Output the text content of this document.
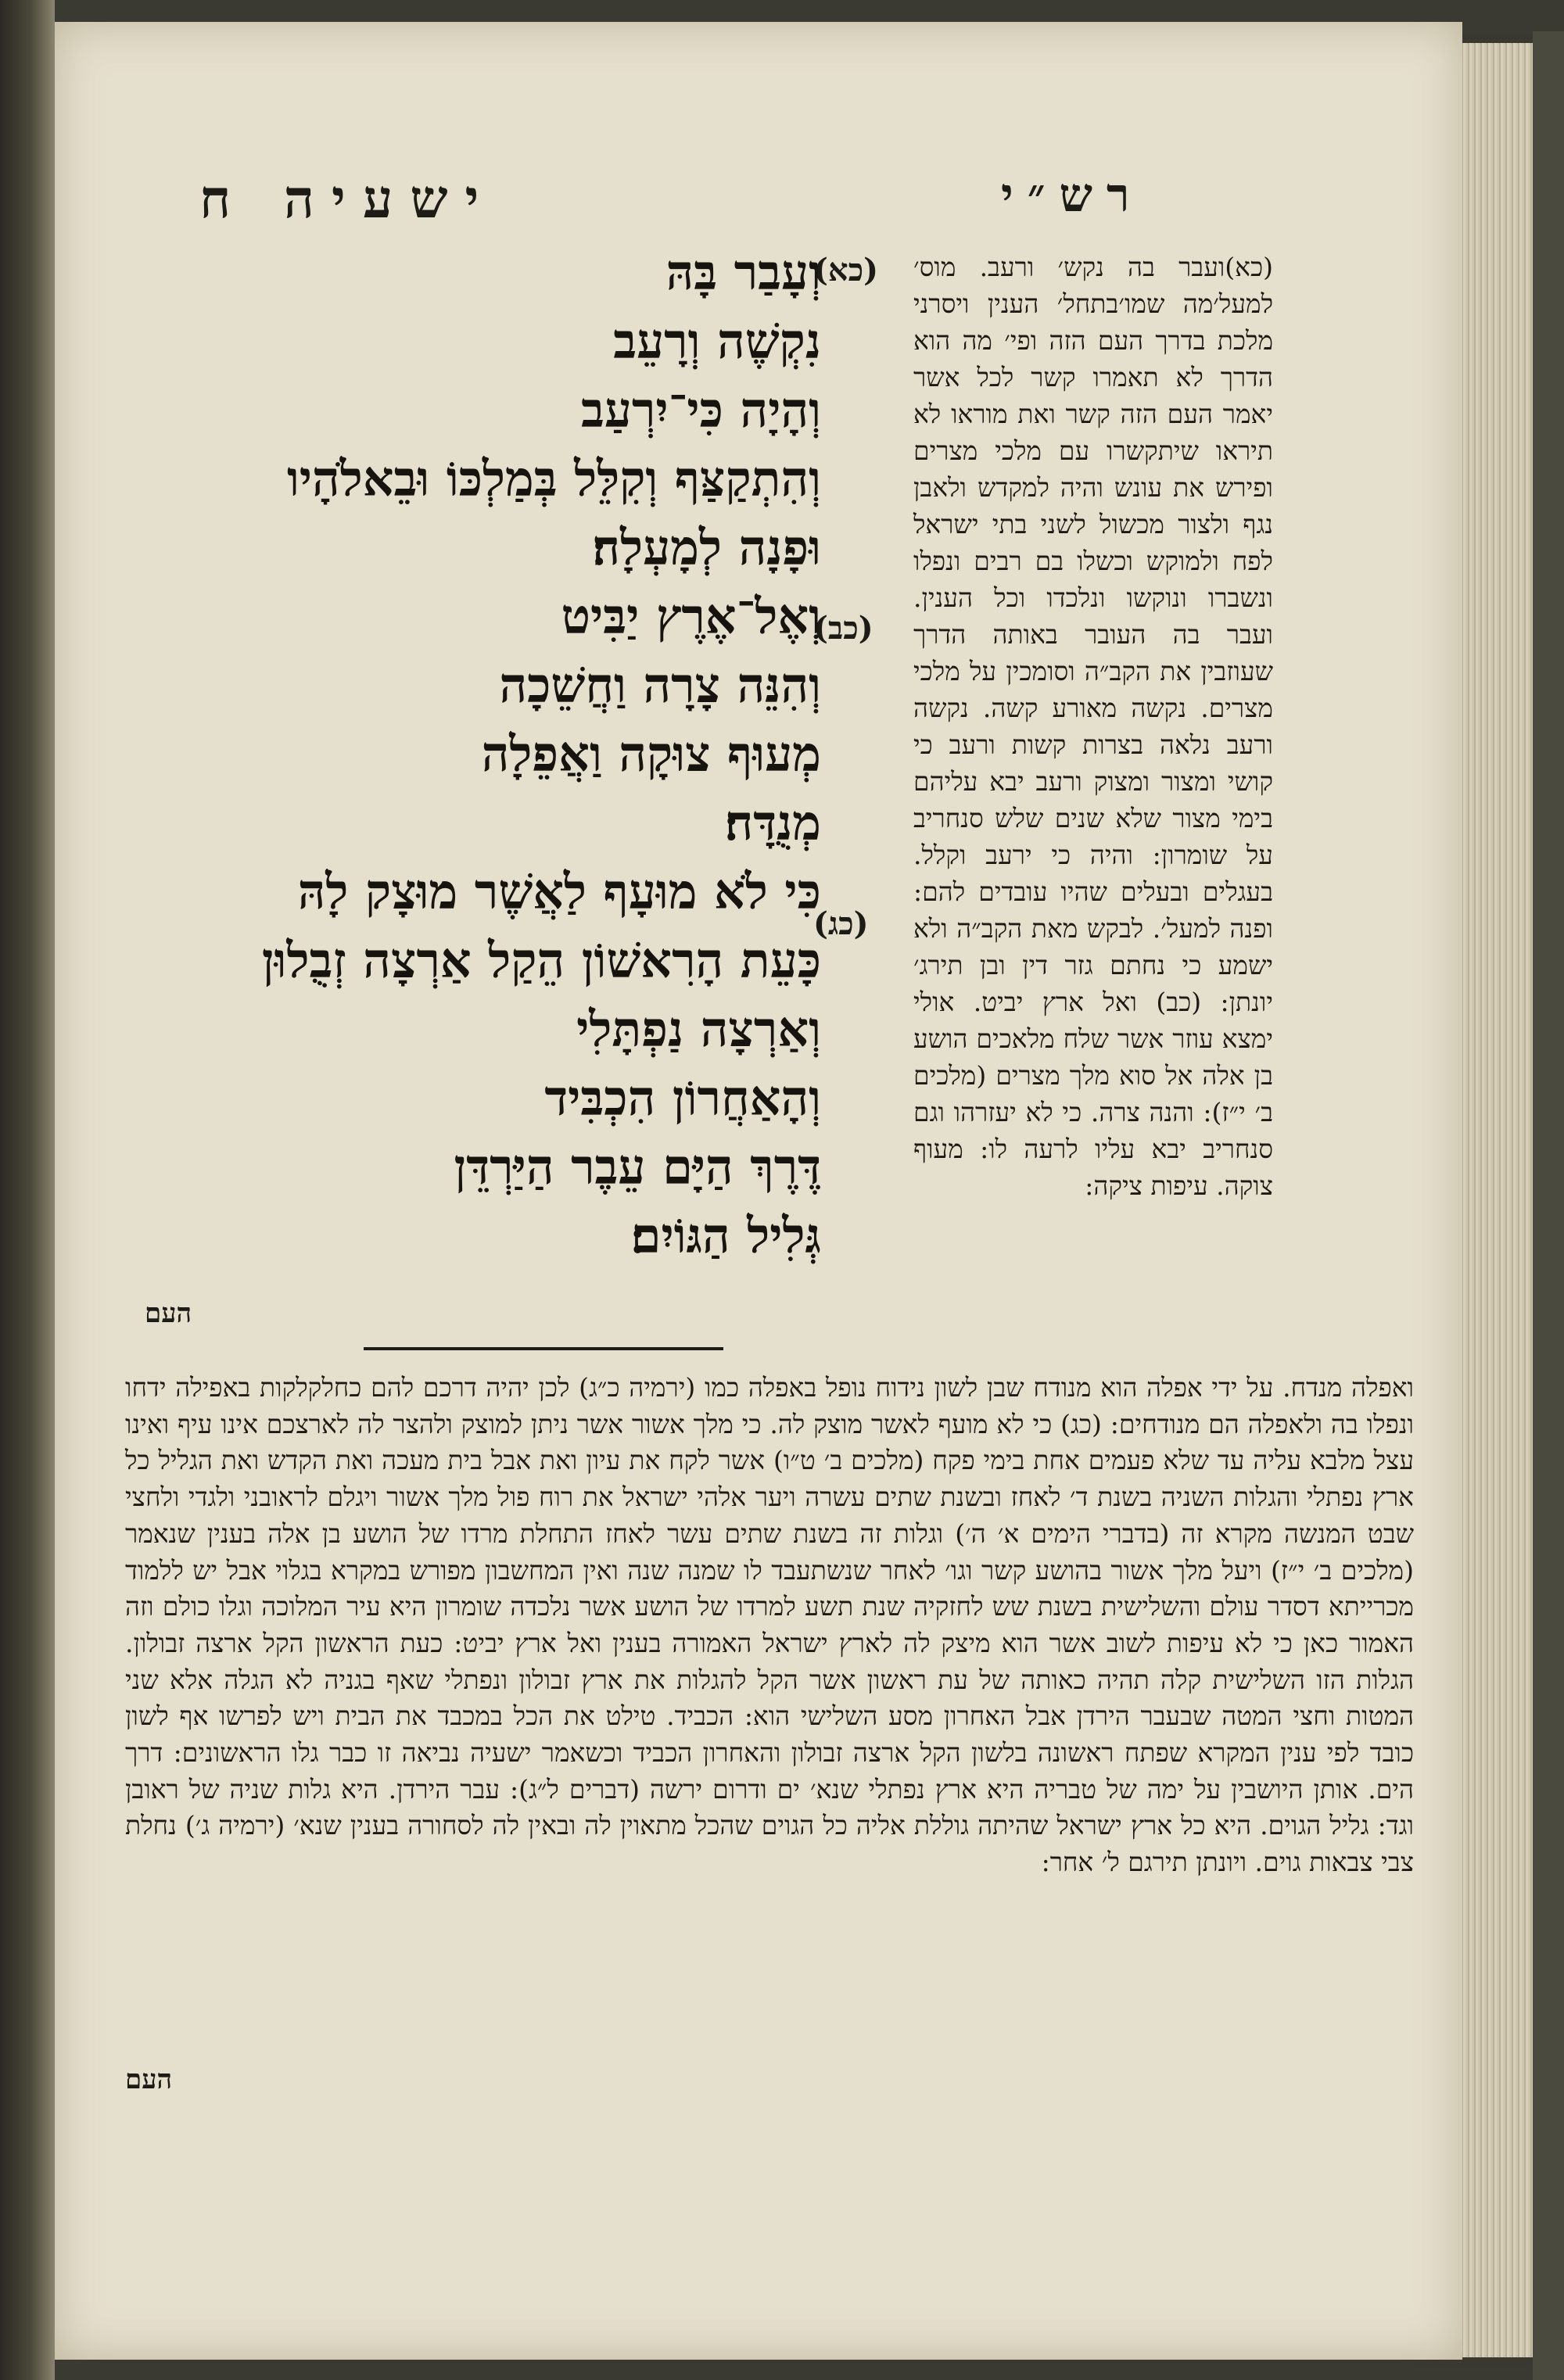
ישעיה ח	רש״י
(כא)
וְעָבַר בָּהּ
נִקְשֶׁה וְרָעֵב
וְהָיָה כִּי־יִרְעַב
וְהִתְקַצַּף וְקִלֵּל בְּמַלְכּוֹ וּבֵאלֹהָיו
וּפָנָה לְמָעְלָה׃
(כב)
וְאֶל־אֶרֶץ יַבִּיט
וְהִנֵּה צָרָה וַחֲשֵׁכָה
מְעוּף צוּקָה וַאֲפֵלָה
מְנֻדָּח׃
(כג)
כִּי לֹא מוּעָף לַאֲשֶׁר מוּצָק לָהּ
כָּעֵת הָרִאשׁוֹן הֵקַל אַרְצָה זְבֻלוּן
וְאַרְצָה נַפְתָּלִי
וְהָאַחֲרוֹן הִכְבִּיד
דֶּרֶךְ הַיָּם עֵבֶר הַיַּרְדֵּן
גְּלִיל הַגּוֹיִם׃
(כא)ועבר בה נקש׳ ורעב. מוס׳ למעל׳מה שמו׳בתחל׳ הענין ויסרני מלכת בדרך העם הזה ופי׳ מה הוא הדרך לא תאמרו קשר לכל אשר יאמר העם הזה קשר ואת מוראו לא תיראו שיתקשרו עם מלכי מצרים ופירש את עונש והיה למקדש ולאבן נגף ולצור מכשול לשני בתי ישראל לפח ולמוקש וכשלו בם רבים ונפלו ונשברו ונוקשו ונלכדו וכל הענין. ועבר בה העובר באותה הדרך שעוזבין את הקב״ה וסומכין על מלכי מצרים. נקשה מאורע קשה. נקשה ורעב נלאה בצרות קשות ורעב כי קושי ומצור ומצוק ורעב יבא עליהם בימי מצור שלא שנים שלש סנחריב על שומרון: והיה כי ירעב וקלל. בעגלים ובעלים שהיו עובדים להם: ופנה למעל׳. לבקש מאת הקב״ה ולא ישמע כי נחתם גזר דין ובן תירג׳ יונתן: (כב) ואל ארץ יביט. אולי ימצא עוזר אשר שלח מלאכים הושע בן אלה אל סוא מלך מצרים (מלכים ב׳ י״ז): והנה צרה. כי לא יעזרהו וגם סנחריב יבא עליו לרעה לו: מעוף צוקה. עיפות ציקה:
העם
ואפלה מנדח. על ידי אפלה הוא מנודח שבן לשון נידוח נופל באפלה כמו (ירמיה כ״ג) לכן יהיה דרכם להם כחלקלקות באפילה ידחו ונפלו בה ולאפלה הם מנודחים: (כג) כי לא מועף לאשר מוצק לה. כי מלך אשור אשר ניתן למוצק ולהצר לה לארצכם אינו עיף ואינו עצל מלבא עליה עד שלא פעמים אחת בימי פקח (מלכים ב׳ ט״ו) אשר לקח את עיון ואת אבל בית מעכה ואת הקדש ואת הגליל כל ארץ נפתלי והגלות השניה בשנת ד׳ לאחז ובשנת שתים עשרה ויער אלהי ישראל את רוח פול מלך אשור ויגלם לראובני ולגדי ולחצי שבט המנשה מקרא זה (בדברי הימים א׳ ה׳) וגלות זה בשנת שתים עשר לאחז התחלת מרדו של הושע בן אלה בענין שנאמר (מלכים ב׳ י״ז) ויעל מלך אשור בהושע קשר וגו׳ לאחר שנשתעבד לו שמנה שנה ואין המחשבון מפורש במקרא בגלוי אבל יש ללמוד מכרייתא דסדר עולם והשלישית בשנת שש לחזקיה שנת תשע למרדו של הושע אשר נלכדה שומרון היא עיר המלוכה וגלו כולם וזה האמור כאן כי לא עיפות לשוב אשר הוא מיצק לה לארץ ישראל האמורה בענין ואל ארץ יביט: כעת הראשון הקל ארצה זבולון. הגלות הזו השלישית קלה תהיה כאותה של עת ראשון אשר הקל להגלות את ארץ זבולון ונפתלי שאף בגניה לא הגלה אלא שני המטות וחצי המטה שבעבר הירדן אבל האחרון מסע השלישי הוא: הכביד. טילט את הכל במכבד את הבית ויש לפרשו אף לשון כובד לפי ענין המקרא שפתח ראשונה בלשון הקל ארצה זבולון והאחרון הכביד וכשאמר ישעיה נביאה זו כבר גלו הראשונים: דרך הים. אותן היושבין על ימה של טבריה היא ארץ נפתלי שנא׳ ים ודרום ירשה (דברים ל״ג): עבר הירדן. היא גלות שניה של ראובן וגד: גליל הגוים. היא כל ארץ ישראל שהיתה גוללת אליה כל הגוים שהכל מתאוין לה ובאין לה לסחורה בענין שנא׳ (ירמיה ג׳) נחלת צבי צבאות גוים. ויונתן תירגם ל׳ אחר:
העם
